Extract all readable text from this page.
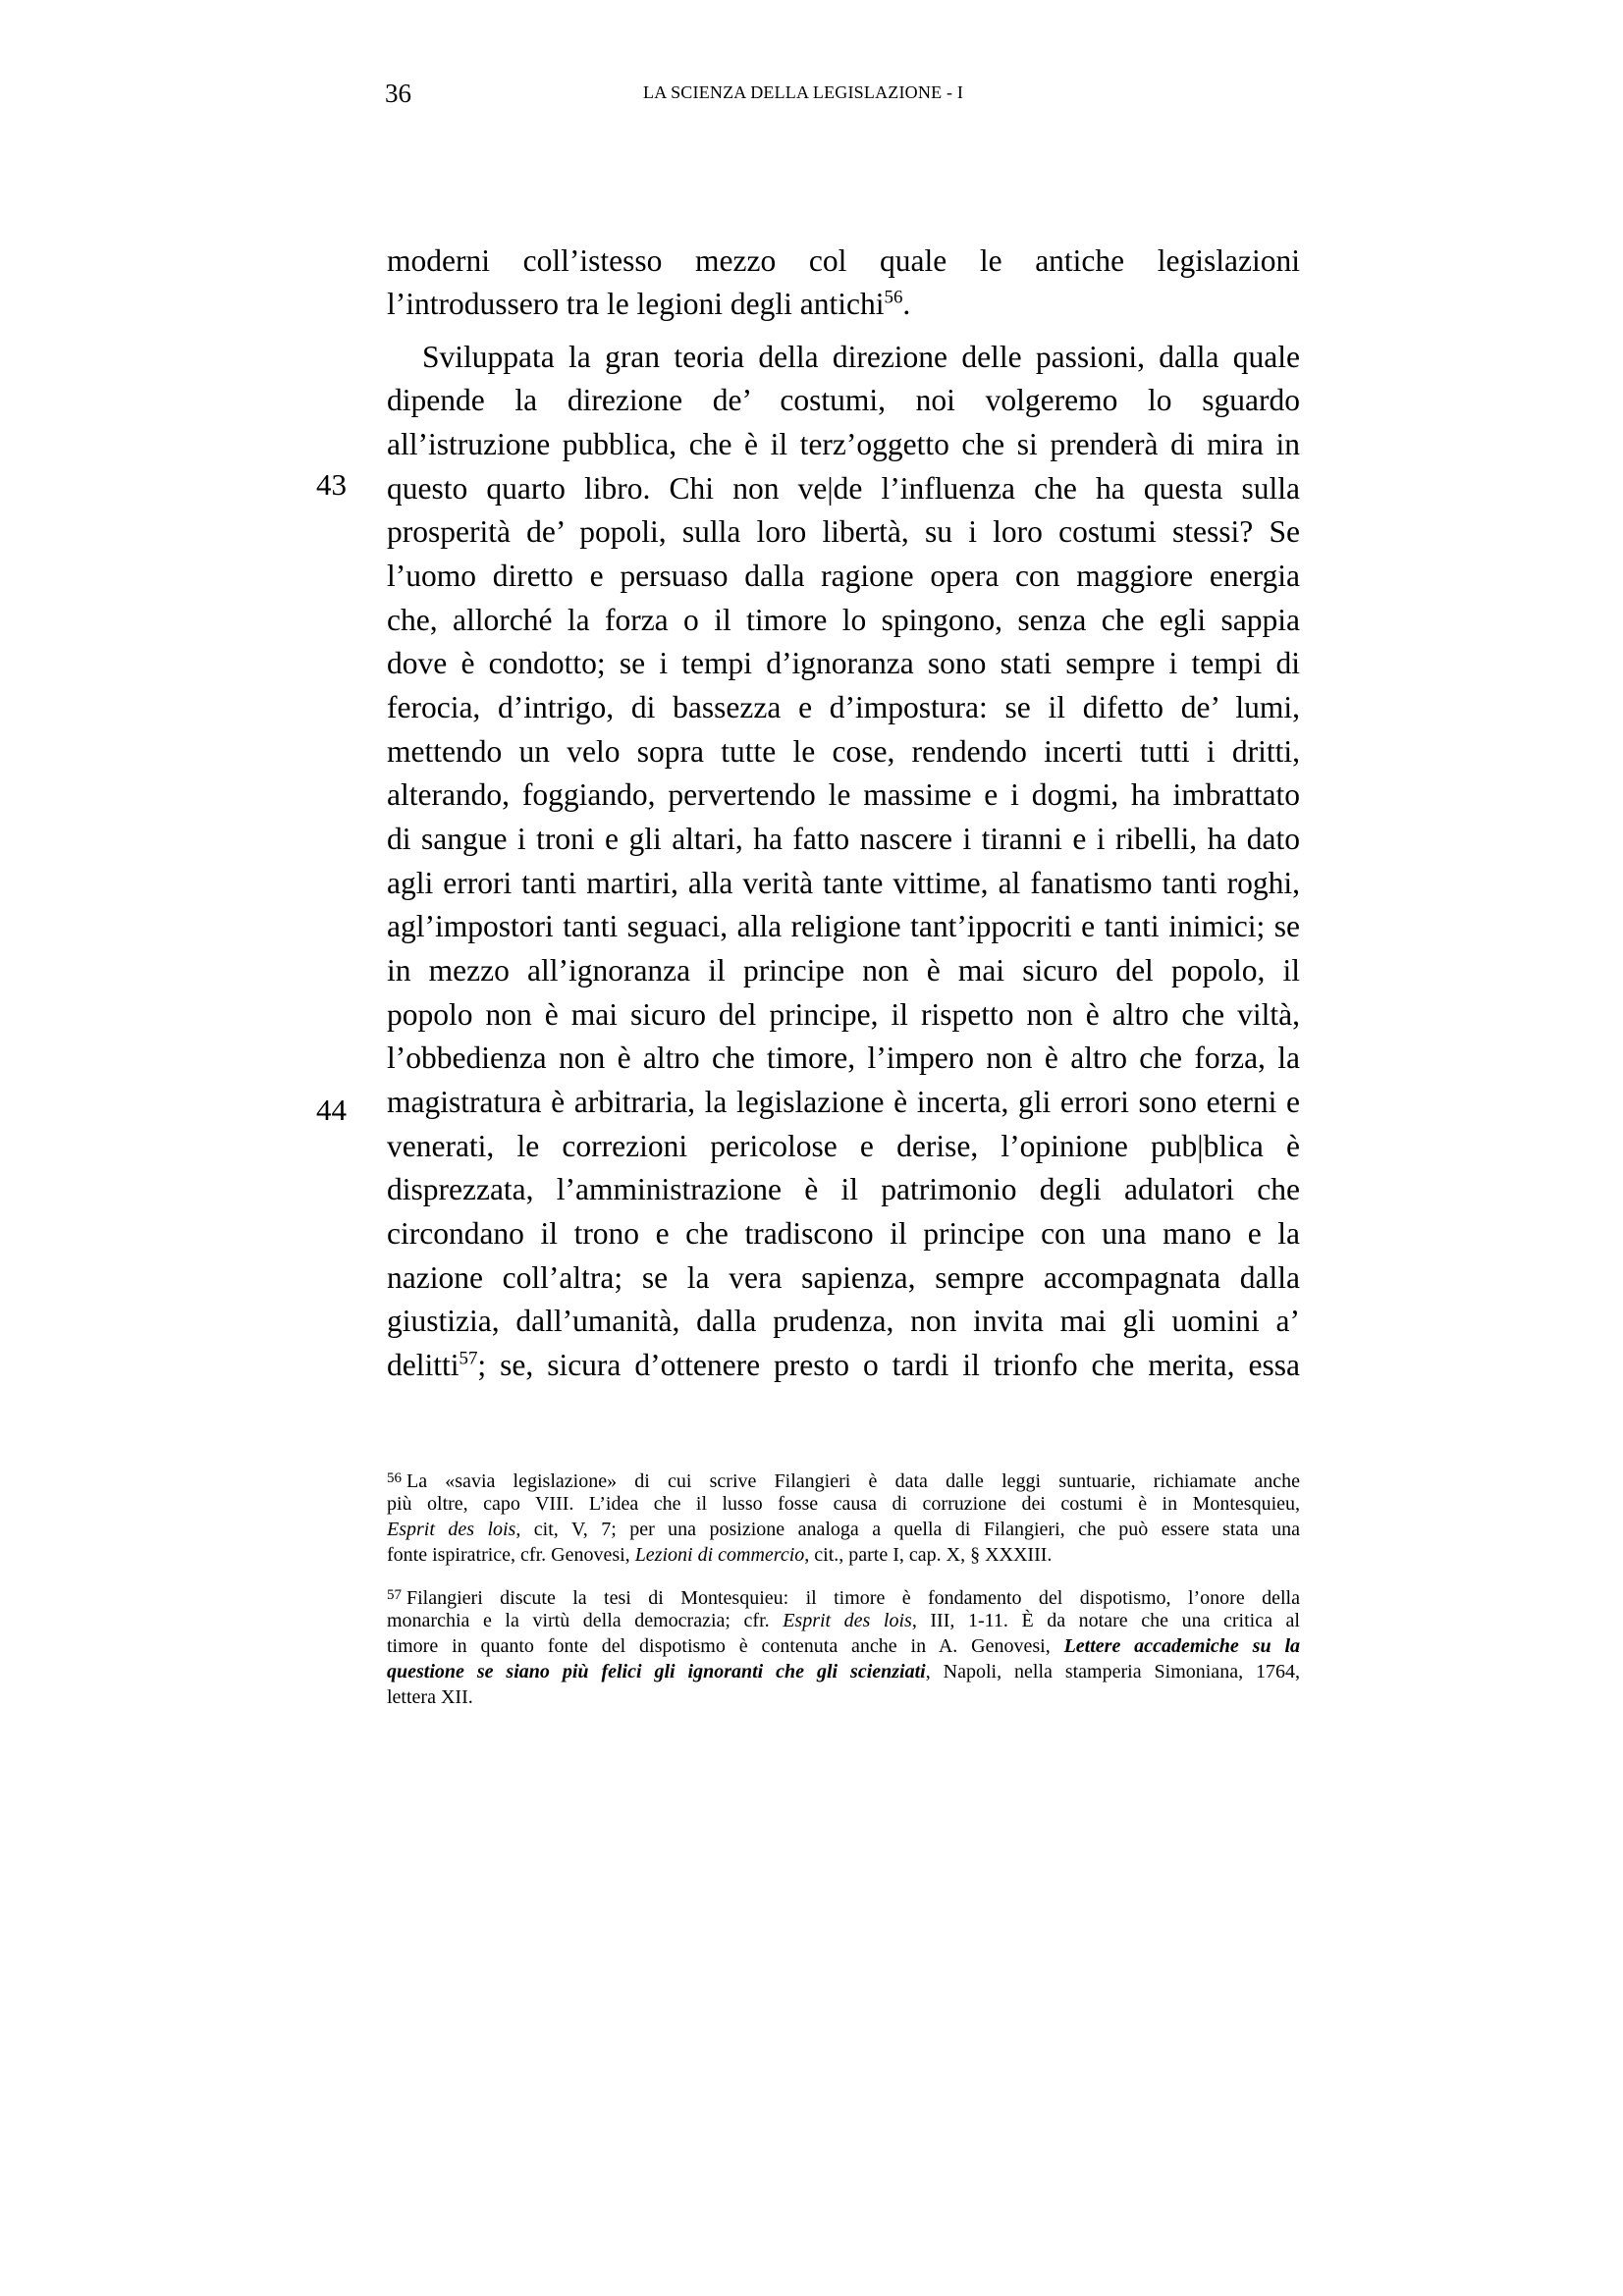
36	LA SCIENZA DELLA LEGISLAZIONE - I
43
44
moderni coll’istesso mezzo col quale le antiche legislazioni
l’introdussero tra le legioni degli antichi$^{56}$.
Sviluppata la gran teoria della direzione delle passioni, dalla quale
dipende la direzione de’ costumi, noi volgeremo lo sguardo
all’istruzione pubblica, che è il terz’oggetto che si prenderà di mira in
questo quarto libro. Chi non ve|de l’influenza che ha questa sulla
prosperità de’ popoli, sulla loro libertà, su i loro costumi stessi? Se
l’uomo diretto e persuaso dalla ragione opera con maggiore energia
che, allorché la forza o il timore lo spingono, senza che egli sappia
dove è condotto; se i tempi d’ignoranza sono stati sempre i tempi di
ferocia, d’intrigo, di bassezza e d’impostura: se il difetto de’ lumi,
mettendo un velo sopra tutte le cose, rendendo incerti tutti i dritti,
alterando, foggiando, pervertendo le massime e i dogmi, ha imbrattato
di sangue i troni e gli altari, ha fatto nascere i tiranni e i ribelli, ha dato
agli errori tanti martiri, alla verità tante vittime, al fanatismo tanti roghi,
agl’impostori tanti seguaci, alla religione tant’ippocriti e tanti inimici; se
in mezzo all’ignoranza il principe non è mai sicuro del popolo, il
popolo non è mai sicuro del principe, il rispetto non è altro che viltà,
l’obbedienza non è altro che timore, l’impero non è altro che forza, la
magistratura è arbitraria, la legislazione è incerta, gli errori sono eterni e
venerati, le correzioni pericolose e derise, l’opinione pub|blica è
disprezzata, l’amministrazione è il patrimonio degli adulatori che
circondano il trono e che tradiscono il principe con una mano e la
nazione coll’altra; se la vera sapienza, sempre accompagnata dalla
giustizia, dall’umanità, dalla prudenza, non invita mai gli uomini a’
delitti$^{57}$; se, sicura d’ottenere presto o tardi il trionfo che merita, essa
$^{56}$ La «savia legislazione» di cui scrive Filangieri è data dalle leggi suntuarie, richiamate anche
più oltre, capo VIII. L’idea che il lusso fosse causa di corruzione dei costumi è in Montesquieu,
Esprit des lois, cit, V, 7; per una posizione analoga a quella di Filangieri, che può essere stata una
fonte ispiratrice, cfr. Genovesi, Lezioni di commercio, cit., parte I, cap. X, § XXXIII.
$^{57}$ Filangieri discute la tesi di Montesquieu: il timore è fondamento del dispotismo, l’onore della
monarchia e la virtù della democrazia; cfr. Esprit des lois, III, 1-11. È da notare che una critica al
timore in quanto fonte del dispotismo è contenuta anche in A. Genovesi, Lettere accademiche su la
questione se siano più felici gli ignoranti che gli scienziati, Napoli, nella stamperia Simoniana, 1764,
lettera XII.
